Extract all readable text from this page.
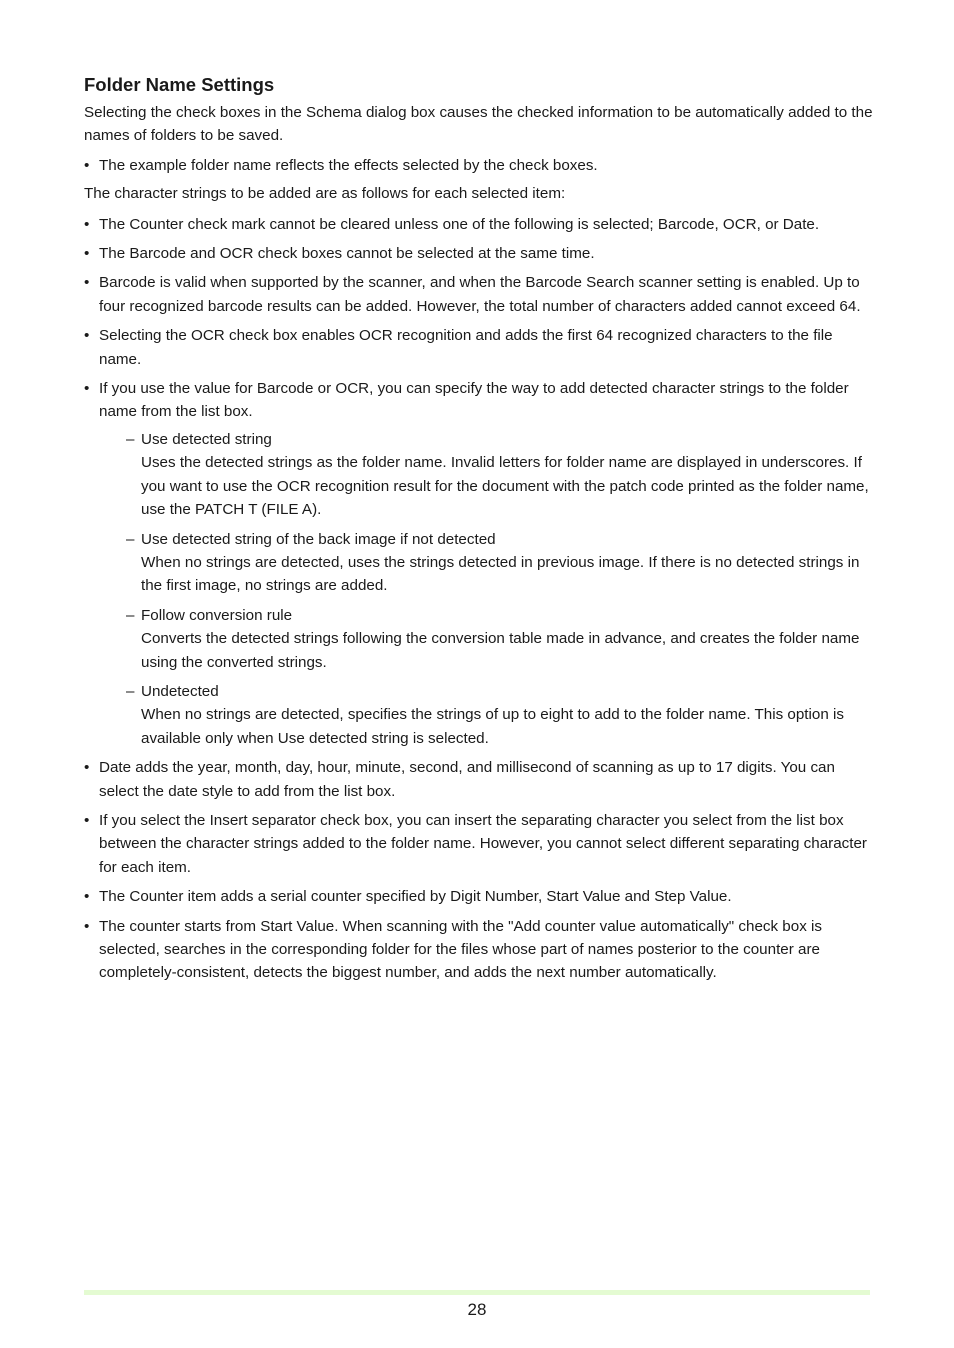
Folder Name Settings

Selecting the check boxes in the Schema dialog box causes the checked information to be automatically added to the names of folders to be saved.

• The example folder name reflects the effects selected by the check boxes.

The character strings to be added are as follows for each selected item:

• The Counter check mark cannot be cleared unless one of the following is selected; Barcode, OCR, or Date.
• The Barcode and OCR check boxes cannot be selected at the same time.
• Barcode is valid when supported by the scanner, and when the Barcode Search scanner setting is enabled. Up to four recognized barcode results can be added. However, the total number of characters added cannot exceed 64.
• Selecting the OCR check box enables OCR recognition and adds the first 64 recognized characters to the file name.
• If you use the value for Barcode or OCR, you can specify the way to add detected character strings to the folder name from the list box.
– Use detected string
Uses the detected strings as the folder name. Invalid letters for folder name are displayed in underscores. If you want to use the OCR recognition result for the document with the patch code printed as the folder name, use the PATCH T (FILE A).
– Use detected string of the back image if not detected
When no strings are detected, uses the strings detected in previous image. If there is no detected strings in the first image, no strings are added.
– Follow conversion rule
Converts the detected strings following the conversion table made in advance, and creates the folder name using the converted strings.
– Undetected
When no strings are detected, specifies the strings of up to eight to add to the folder name. This option is available only when Use detected string is selected.
• Date adds the year, month, day, hour, minute, second, and millisecond of scanning as up to 17 digits. You can select the date style to add from the list box.
• If you select the Insert separator check box, you can insert the separating character you select from the list box between the character strings added to the folder name. However, you cannot select different separating character for each item.
• The Counter item adds a serial counter specified by Digit Number, Start Value and Step Value.
• The counter starts from Start Value. When scanning with the "Add counter value automatically" check box is selected, searches in the corresponding folder for the files whose part of names posterior to the counter are completely-consistent, detects the biggest number, and adds the next number automatically.
28
